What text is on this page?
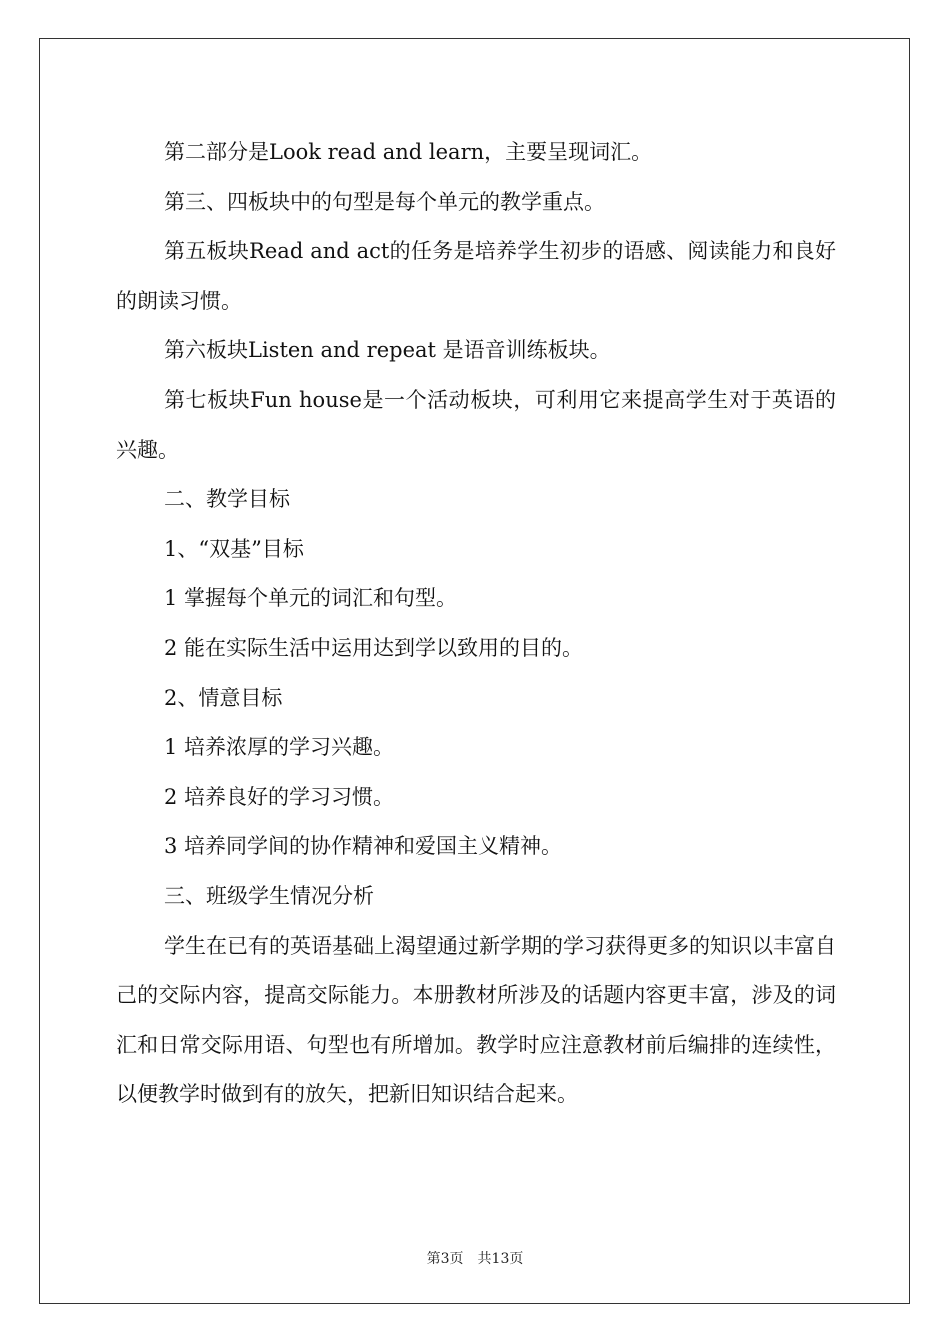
第二部分是Look read and learn，主要呈现词汇。

第三、四板块中的句型是每个单元的教学重点。

第五板块Read and act的任务是培养学生初步的语感、阅读能力和良好的朗读习惯。

第六板块Listen and repeat 是语音训练板块。

第七板块Fun house是一个活动板块，可利用它来提高学生对于英语的兴趣。

二、教学目标

1、“双基”目标

1 掌握每个单元的词汇和句型。

2 能在实际生活中运用达到学以致用的目的。

2、情意目标

1 培养浓厚的学习兴趣。

2 培养良好的学习习惯。

3 培养同学间的协作精神和爱国主义精神。

三、班级学生情况分析

学生在已有的英语基础上渴望通过新学期的学习获得更多的知识以丰富自己的交际内容，提高交际能力。本册教材所涉及的话题内容更丰富，涉及的词汇和日常交际用语、句型也有所增加。教学时应注意教材前后编排的连续性，以便教学时做到有的放矢，把新旧知识结合起来。

第3页 共13页
